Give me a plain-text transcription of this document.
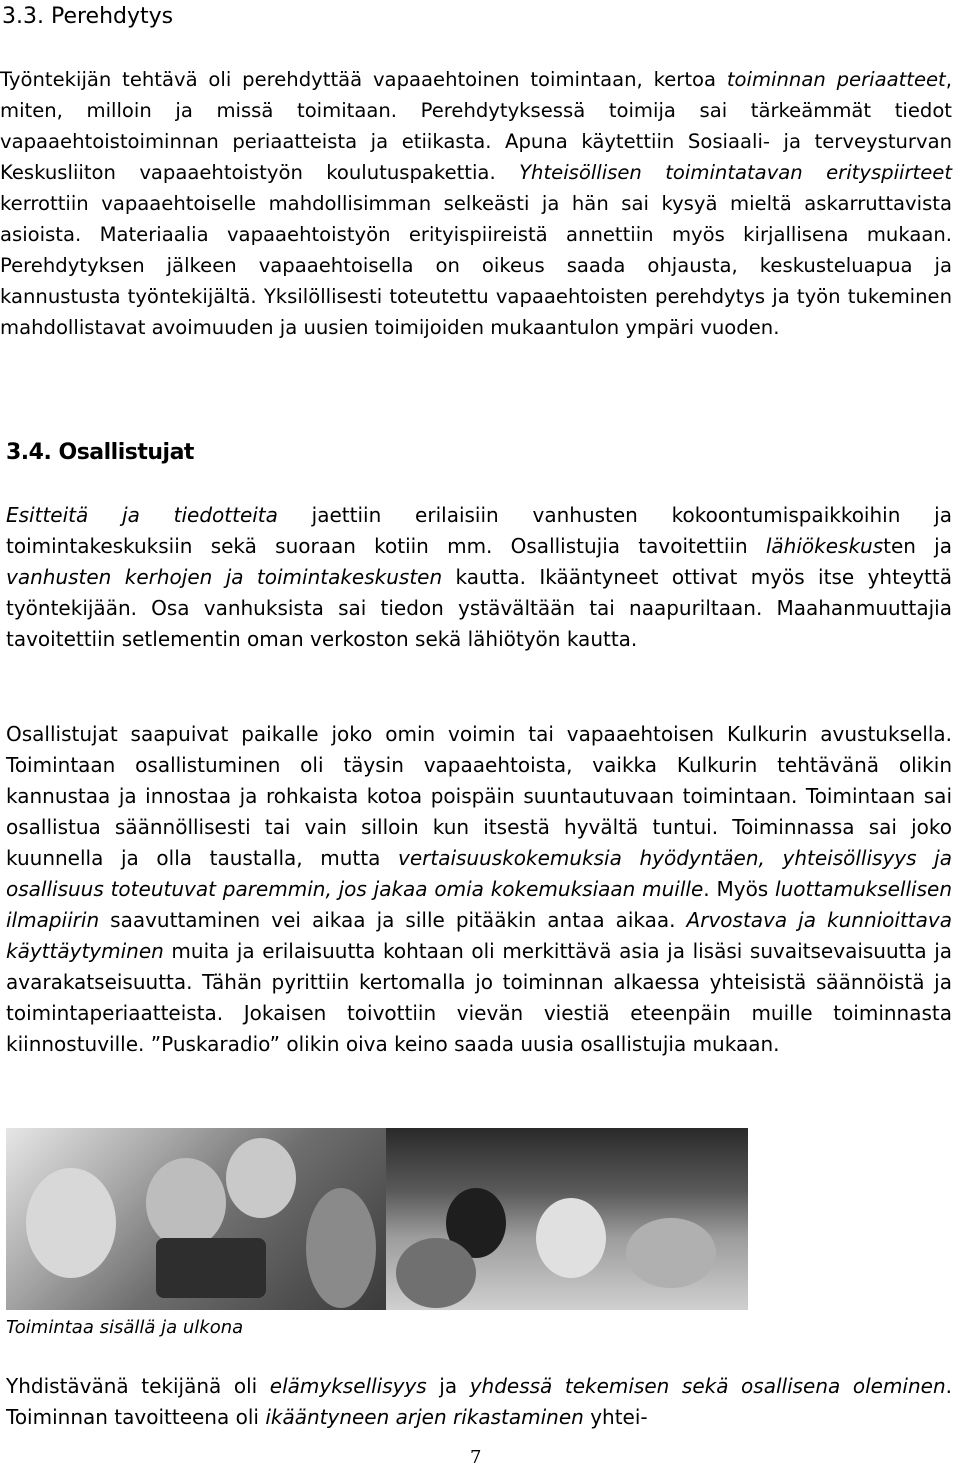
3.3. Perehdytys

Työntekijän tehtävä oli perehdyttää vapaaehtoinen toimintaan, kertoa toiminnan periaatteet, miten, milloin ja missä toimitaan. Perehdytyksessä toimija sai tärkeämmät tiedot vapaaehtoistoiminnan periaatteista ja etiikasta. Apuna käytettiin Sosiaali- ja terveysturvan Keskusliiton vapaaehtoistyön koulutuspakettia. Yhteisöllisen toimintatavan erityspiirteet kerrottiin vapaaehtoiselle mahdollisimman selkeästi ja hän sai kysyä mieltä askarruttavista asioista. Materiaalia vapaaehtoistyön erityispiireistä annettiin myös kirjallisena mukaan. Perehdytyksen jälkeen vapaaehtoisella on oikeus saada ohjausta, keskusteluapua ja kannustusta työntekijältä. Yksilöllisesti toteutettu vapaaehtoisten perehdytys ja työn tukeminen mahdollistavat avoimuuden ja uusien toimijoiden mukaantulon ympäri vuoden.

3.4. Osallistujat

Esitteitä ja tiedotteita jaettiin erilaisiin vanhusten kokoontumispaikkoihin ja toimintakeskuksiin sekä suoraan kotiin mm. Osallistujia tavoitettiin lähiökeskusten ja vanhusten kerhojen ja toimintakeskusten kautta. Ikääntyneet ottivat myös itse yhteyttä työntekijään. Osa vanhuksista sai tiedon ystävältään tai naapuriltaan. Maahanmuuttajia tavoitettiin setlementin oman verkoston sekä lähiötyön kautta.

Osallistujat saapuivat paikalle joko omin voimin tai vapaaehtoisen Kulkurin avustuksella. Toimintaan osallistuminen oli täysin vapaaehtoista, vaikka Kulkurin tehtävänä olikin kannustaa ja innostaa ja rohkaista kotoa poispäin suuntautuvaan toimintaan. Toimintaan sai osallistua säännöllisesti tai vain silloin kun itsestä hyvältä tuntui. Toiminnassa sai joko kuunnella ja olla taustalla, mutta vertaisuuskokemuksia hyödyntäen, yhteisöllisyys ja osallisuus toteutuvat paremmin, jos jakaa omia kokemuksiaan muille. Myös luottamuksellisen ilmapiirin saavuttaminen vei aikaa ja sille pitääkin antaa aikaa. Arvostava ja kunnioittava käyttäytyminen muita ja erilaisuutta kohtaan oli merkittävä asia ja lisäsi suvaitsevaisuutta ja avarakatseisuutta. Tähän pyrittiin kertomalla jo toiminnan alkaessa yhteisistä säännöistä ja toimintaperiaatteista. Jokaisen toivottiin vievän viestiä eteenpäin muille toiminnasta kiinnostuville. ”Puskaradio” olikin oiva keino saada uusia osallistujia mukaan.

Toimintaa sisällä ja ulkona

Yhdistävänä tekijänä oli elämyksellisyys ja yhdessä tekemisen sekä osallisena oleminen. Toiminnan tavoitteena oli ikääntyneen arjen rikastaminen yhtei-

7
